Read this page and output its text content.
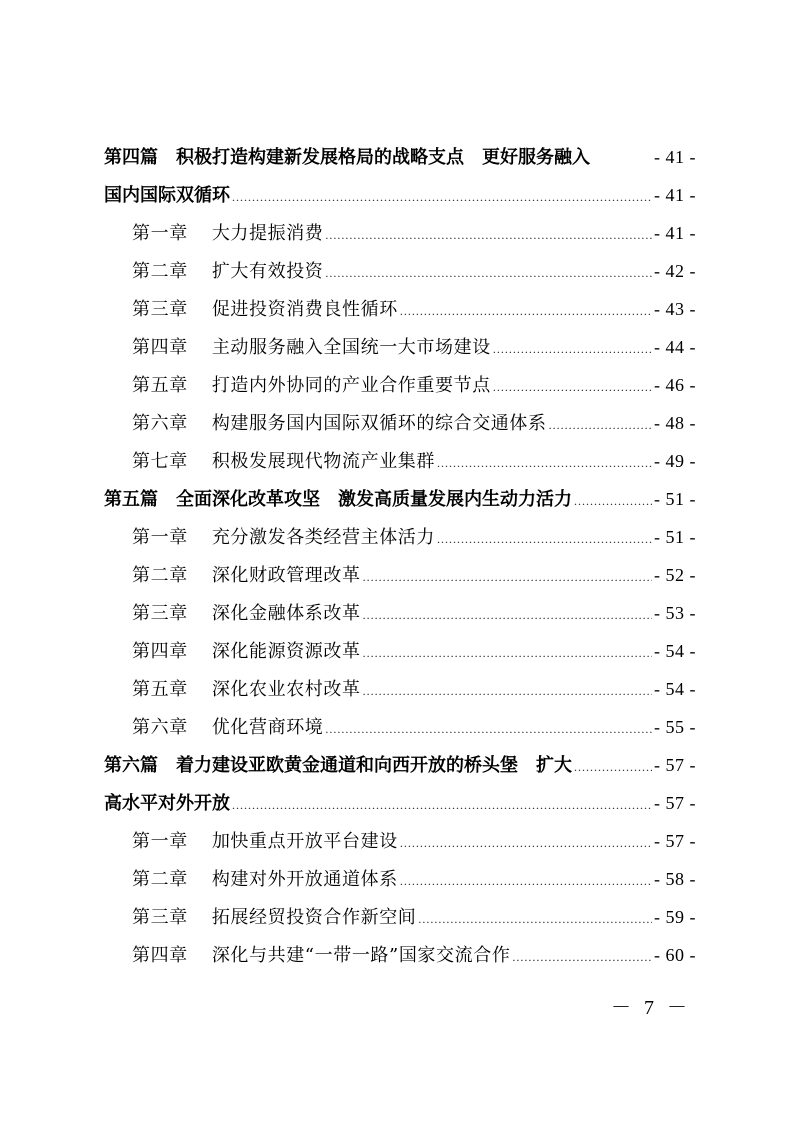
第四篇　积极打造构建新发展格局的战略支点　更好服务融入	- 41 -
国内国际双循环 .....	- 41 -
第一章 大力提振消费 .....	- 41 -
第二章 扩大有效投资 .....	- 42 -
第三章 促进投资消费良性循环 .....	- 43 -
第四章 主动服务融入全国统一大市场建设 .....	- 44 -
第五章 打造内外协同的产业合作重要节点 .....	- 46 -
第六章 构建服务国内国际双循环的综合交通体系 .....	- 48 -
第七章 积极发展现代物流产业集群 .....	- 49 -
第五篇　全面深化改革攻坚　激发高质量发展内生动力活力 .....	- 51 -
第一章 充分激发各类经营主体活力 .....	- 51 -
第二章 深化财政管理改革 .....	- 52 -
第三章 深化金融体系改革 .....	- 53 -
第四章 深化能源资源改革 .....	- 54 -
第五章 深化农业农村改革 .....	- 54 -
第六章 优化营商环境 .....	- 55 -
第六篇　着力建设亚欧黄金通道和向西开放的桥头堡　扩大 .....	- 57 -
高水平对外开放 .....	- 57 -
第一章 加快重点开放平台建设 .....	- 57 -
第二章 构建对外开放通道体系 .....	- 58 -
第三章 拓展经贸投资合作新空间 .....	- 59 -
第四章 深化与共建“一带一路”国家交流合作 .....	- 60 -
－ 7 －
